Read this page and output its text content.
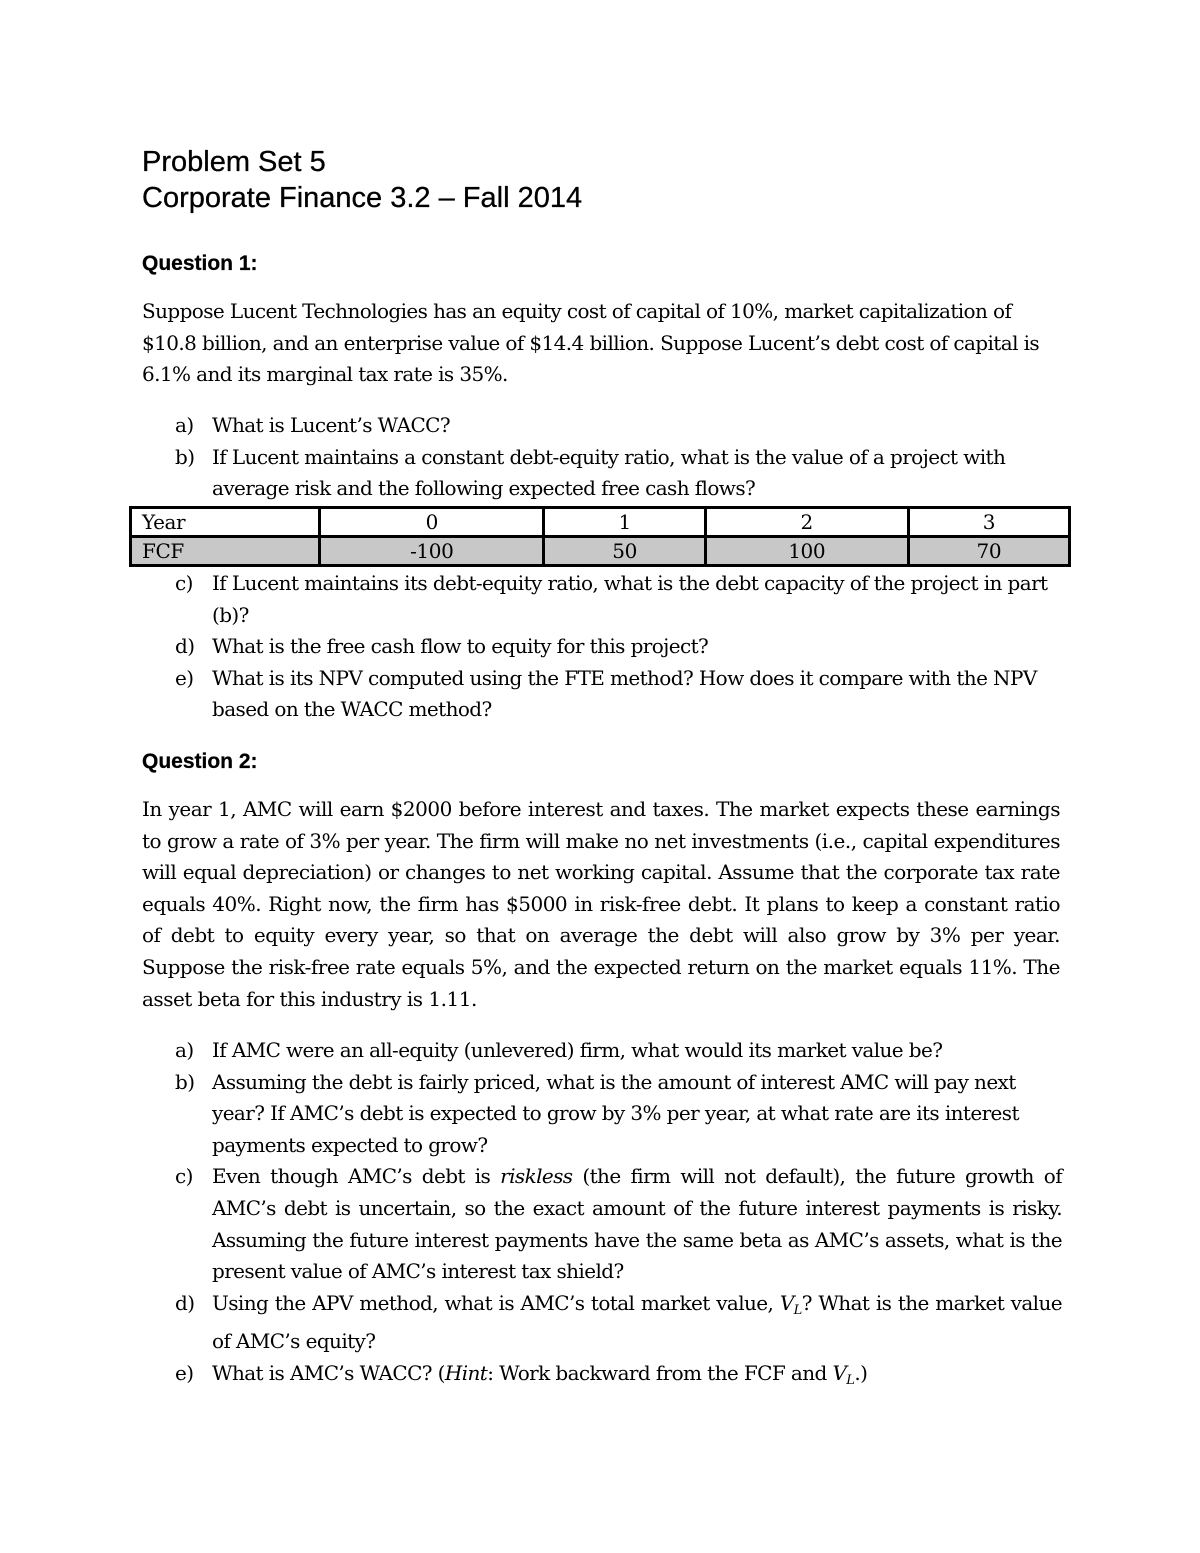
Problem Set 5
Corporate Finance 3.2 – Fall 2014
Question 1:

Suppose Lucent Technologies has an equity cost of capital of 10%, market capitalization of $10.8 billion, and an enterprise value of $14.4 billion. Suppose Lucent’s debt cost of capital is 6.1% and its marginal tax rate is 35%.

a) What is Lucent’s WACC?
b) If Lucent maintains a constant debt-equity ratio, what is the value of a project with average risk and the following expected free cash flows?
Year	0	1	2	3
FCF	-100	50	100	70
c) If Lucent maintains its debt-equity ratio, what is the debt capacity of the project in part (b)?
d) What is the free cash flow to equity for this project?
e) What is its NPV computed using the FTE method? How does it compare with the NPV based on the WACC method?
Question 2:

In year 1, AMC will earn $2000 before interest and taxes. The market expects these earnings to grow a rate of 3% per year. The firm will make no net investments (i.e., capital expenditures will equal depreciation) or changes to net working capital. Assume that the corporate tax rate equals 40%. Right now, the firm has $5000 in risk-free debt. It plans to keep a constant ratio of debt to equity every year, so that on average the debt will also grow by 3% per year. Suppose the risk-free rate equals 5%, and the expected return on the market equals 11%. The asset beta for this industry is 1.11.

a) If AMC were an all-equity (unlevered) firm, what would its market value be?
b) Assuming the debt is fairly priced, what is the amount of interest AMC will pay next year? If AMC’s debt is expected to grow by 3% per year, at what rate are its interest payments expected to grow?
c) Even though AMC’s debt is riskless (the firm will not default), the future growth of AMC’s debt is uncertain, so the exact amount of the future interest payments is risky. Assuming the future interest payments have the same beta as AMC’s assets, what is the present value of AMC’s interest tax shield?
d) Using the APV method, what is AMC’s total market value, $V_L$? What is the market value of AMC’s equity?
e) What is AMC’s WACC? (Hint: Work backward from the FCF and $V_L$.)
